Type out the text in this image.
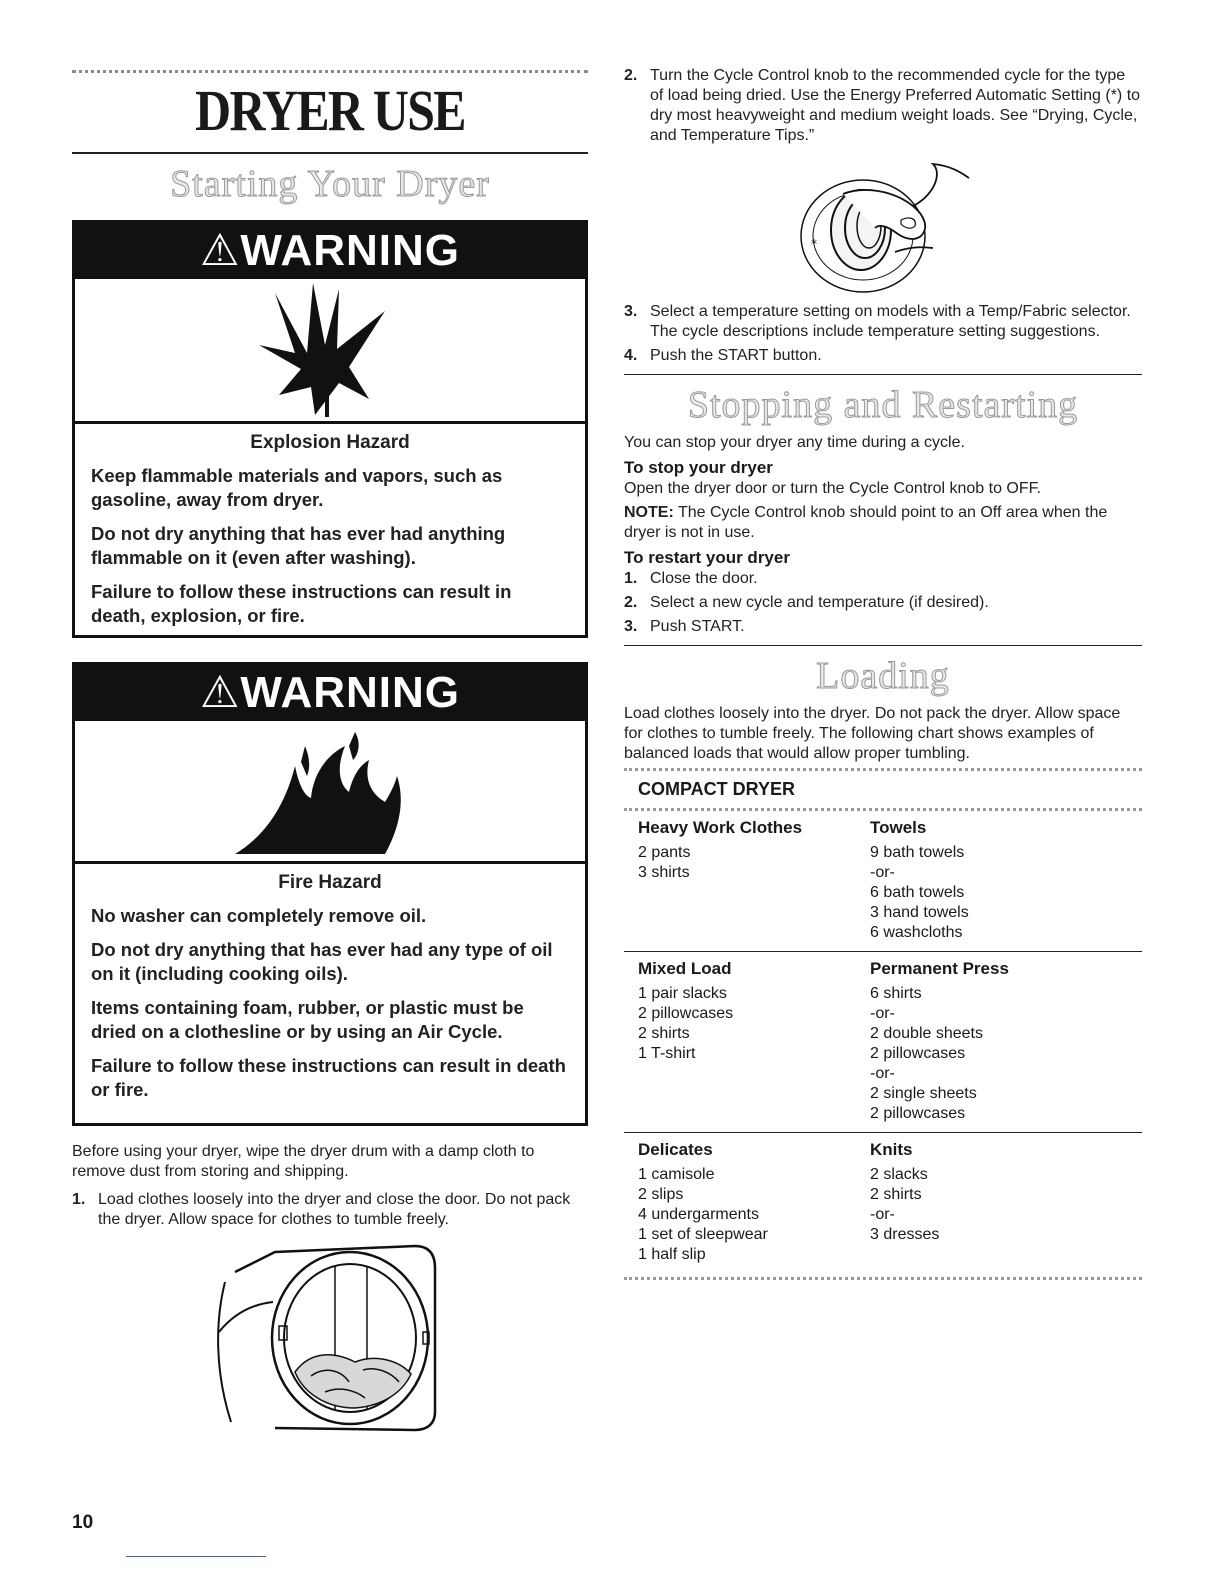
DRYER USE
Starting Your Dryer
⚠WARNING
Explosion Hazard

Keep flammable materials and vapors, such as gasoline, away from dryer.

Do not dry anything that has ever had anything flammable on it (even after washing).

Failure to follow these instructions can result in death, explosion, or fire.

⚠WARNING
Fire Hazard

No washer can completely remove oil.

Do not dry anything that has ever had any type of oil on it (including cooking oils).

Items containing foam, rubber, or plastic must be dried on a clothesline or by using an Air Cycle.

Failure to follow these instructions can result in death or fire.

Before using your dryer, wipe the dryer drum with a damp cloth to remove dust from storing and shipping.

1. Load clothes loosely into the dryer and close the door. Do not pack the dryer. Allow space for clothes to tumble freely.
2. Turn the Cycle Control knob to the recommended cycle for the type of load being dried. Use the Energy Preferred Automatic Setting (*) to dry most heavyweight and medium weight loads. See “Drying, Cycle, and Temperature Tips.”
*
3. Select a temperature setting on models with a Temp/Fabric selector. The cycle descriptions include temperature setting suggestions.
4. Push the START button.
Stopping and Restarting

You can stop your dryer any time during a cycle.

To stop your dryer

Open the dryer door or turn the Cycle Control knob to OFF.

NOTE: The Cycle Control knob should point to an Off area when the dryer is not in use.

To restart your dryer
1. Close the door.
2. Select a new cycle and temperature (if desired).
3. Push START.
Loading

Load clothes loosely into the dryer. Do not pack the dryer. Allow space for clothes to tumble freely. The following chart shows examples of balanced loads that would allow proper tumbling.

COMPACT DRYER
Heavy Work Clothes
2 pants
3 shirts
Towels
9 bath towels
-or-
6 bath towels
3 hand towels
6 washcloths
Mixed Load
1 pair slacks
2 pillowcases
2 shirts
1 T-shirt
Permanent Press
6 shirts
-or-
2 double sheets
2 pillowcases
-or-
2 single sheets
2 pillowcases
Delicates
1 camisole
2 slips
4 undergarments
1 set of sleepwear
1 half slip
Knits
2 slacks
2 shirts
-or-
3 dresses
10
